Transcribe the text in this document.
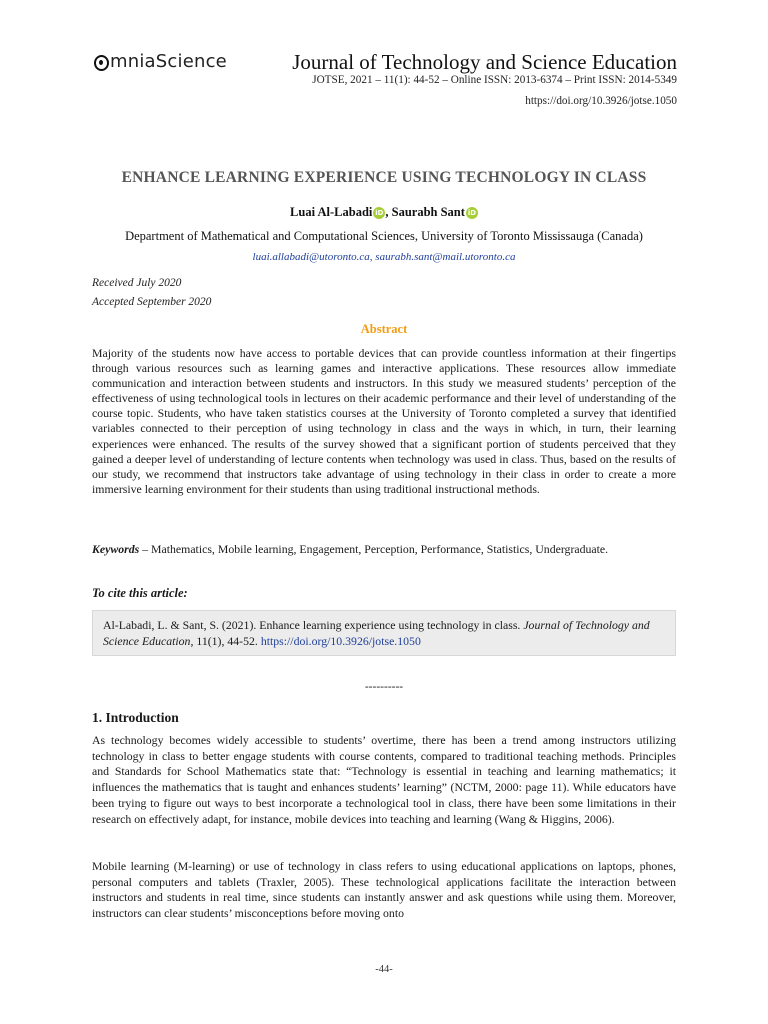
mniaScience	Journal of Technology and Science Education
JOTSE, 2021 – 11(1): 44-52 – Online ISSN: 2013-6374 – Print ISSN: 2014-5349
https://doi.org/10.3926/jotse.1050
ENHANCE LEARNING EXPERIENCE USING TECHNOLOGY IN CLASS
Luai Al-Labadi iD , Saurabh Sant iD
Department of Mathematical and Computational Sciences, University of Toronto Mississauga (Canada)
luai.allabadi@utoronto.ca, saurabh.sant@mail.utoronto.ca
Received July 2020
Accepted September 2020
Abstract
Majority of the students now have access to portable devices that can provide countless information at their fingertips through various resources such as learning games and interactive applications. These resources allow immediate communication and interaction between students and instructors. In this study we measured students’ perception of the effectiveness of using technological tools in lectures on their academic performance and their level of understanding of the course topic. Students, who have taken statistics courses at the University of Toronto completed a survey that identified variables connected to their perception of using technology in class and the ways in which, in turn, their learning experiences were enhanced. The results of the survey showed that a significant portion of students perceived that they gained a deeper level of understanding of lecture contents when technology was used in class. Thus, based on the results of our study, we recommend that instructors take advantage of using technology in their class in order to create a more immersive learning environment for their students than using traditional instructional methods.
Keywords – Mathematics, Mobile learning, Engagement, Perception, Performance, Statistics, Undergraduate.
To cite this article:
Al-Labadi, L. & Sant, S. (2021). Enhance learning experience using technology in class. Journal of Technology and Science Education, 11(1), 44-52. https://doi.org/10.3926/jotse.1050
----------
1. Introduction
As technology becomes widely accessible to students’ overtime, there has been a trend among instructors utilizing technology in class to better engage students with course contents, compared to traditional teaching methods. Principles and Standards for School Mathematics state that: “Technology is essential in teaching and learning mathematics; it influences the mathematics that is taught and enhances students’ learning” (NCTM, 2000: page 11). While educators have been trying to figure out ways to best incorporate a technological tool in class, there have been some limitations in their research on effectively adapt, for instance, mobile devices into teaching and learning (Wang & Higgins, 2006).
Mobile learning (M-learning) or use of technology in class refers to using educational applications on laptops, phones, personal computers and tablets (Traxler, 2005). These technological applications facilitate the interaction between instructors and students in real time, since students can instantly answer and ask questions while using them. Moreover, instructors can clear students’ misconceptions before moving onto
-44-
